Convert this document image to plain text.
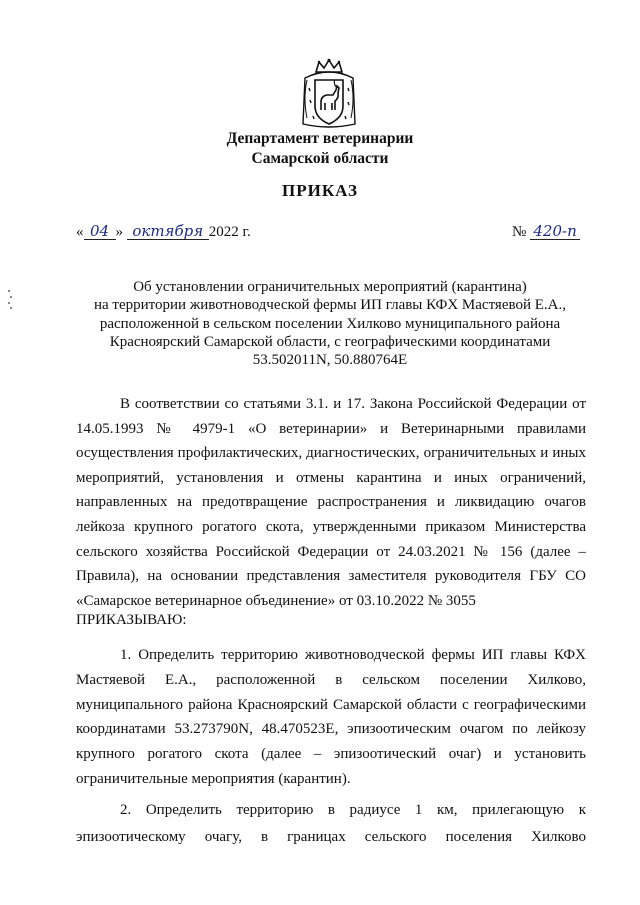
Департамент ветеринарии
Самарской области
ПРИКАЗ
« 04 » октября 2022 г.	№ 420-п
Об установлении ограничительных мероприятий (карантина)
на территории животноводческой фермы ИП главы КФХ Мастяевой Е.А.,
расположенной в сельском поселении Хилково муниципального района
Красноярский Самарской области, с географическими координатами
53.502011N, 50.880764E

В соответствии со статьями 3.1. и 17. Закона Российской Федерации от 14.05.1993 № 4979-1 «О ветеринарии» и Ветеринарными правилами осуществления профилактических, диагностических, ограничительных и иных мероприятий, установления и отмены карантина и иных ограничений, направленных на предотвращение распространения и ликвидацию очагов лейкоза крупного рогатого скота, утвержденными приказом Министерства сельского хозяйства Российской Федерации от 24.03.2021 № 156 (далее – Правила), на основании представления заместителя руководителя ГБУ СО «Самарское ветеринарное объединение» от 03.10.2022 № 3055

ПРИКАЗЫВАЮ:

1. Определить территорию животноводческой фермы ИП главы КФХ Мастяевой Е.А., расположенной в сельском поселении Хилково, муниципального района Красноярский Самарской области с географическими координатами 53.273790N, 48.470523E, эпизоотическим очагом по лейкозу крупного рогатого скота (далее – эпизоотический очаг) и установить ограничительные мероприятия (карантин).

2. Определить территорию в радиусе 1 км, прилегающую к эпизоотическому очагу, в границах сельского поселения Хилково
